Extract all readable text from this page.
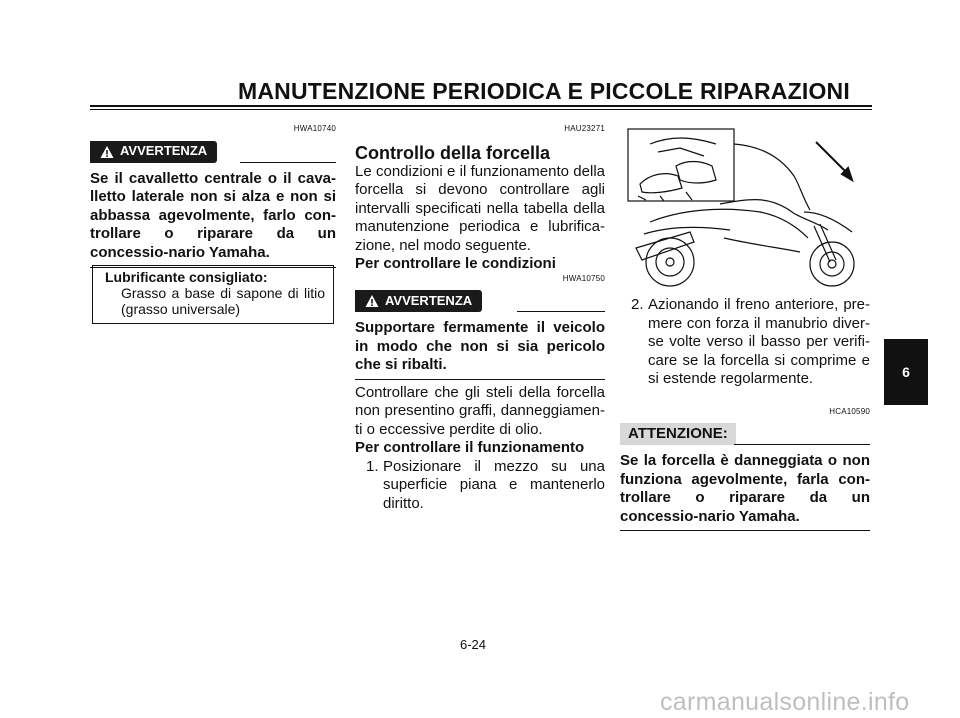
MANUTENZIONE PERIODICA E PICCOLE RIPARAZIONI
HWA10740
AVVERTENZA
Se il cavalletto centrale o il cava-lletto laterale non si alza e non si abbassa agevolmente, farlo con-trollare o riparare da un concessio-nario Yamaha.
Lubrificante consigliato:
Grasso a base di sapone di litio (grasso universale)
HAU23271
Controllo della forcella
Le condizioni e il funzionamento della forcella si devono controllare agli intervalli specificati nella tabella della manutenzione periodica e lubrifica-zione, nel modo seguente.
Per controllare le condizioni
HWA10750
AVVERTENZA
Supportare fermamente il veicolo in modo che non si sia pericolo che si ribalti.
Controllare che gli steli della forcella non presentino graffi, danneggiamen-ti o eccessive perdite di olio.
Per controllare il funzionamento
1. Posizionare il mezzo su una superficie piana e mantenerlo diritto.
2. Azionando il freno anteriore, pre-mere con forza il manubrio diver-se volte verso il basso per verifi-care se la forcella si comprime e si estende regolarmente.
HCA10590
ATTENZIONE:
Se la forcella è danneggiata o non funziona agevolmente, farla con-trollare o riparare da un concessio-nario Yamaha.
6
6-24
carmanualsonline.info
